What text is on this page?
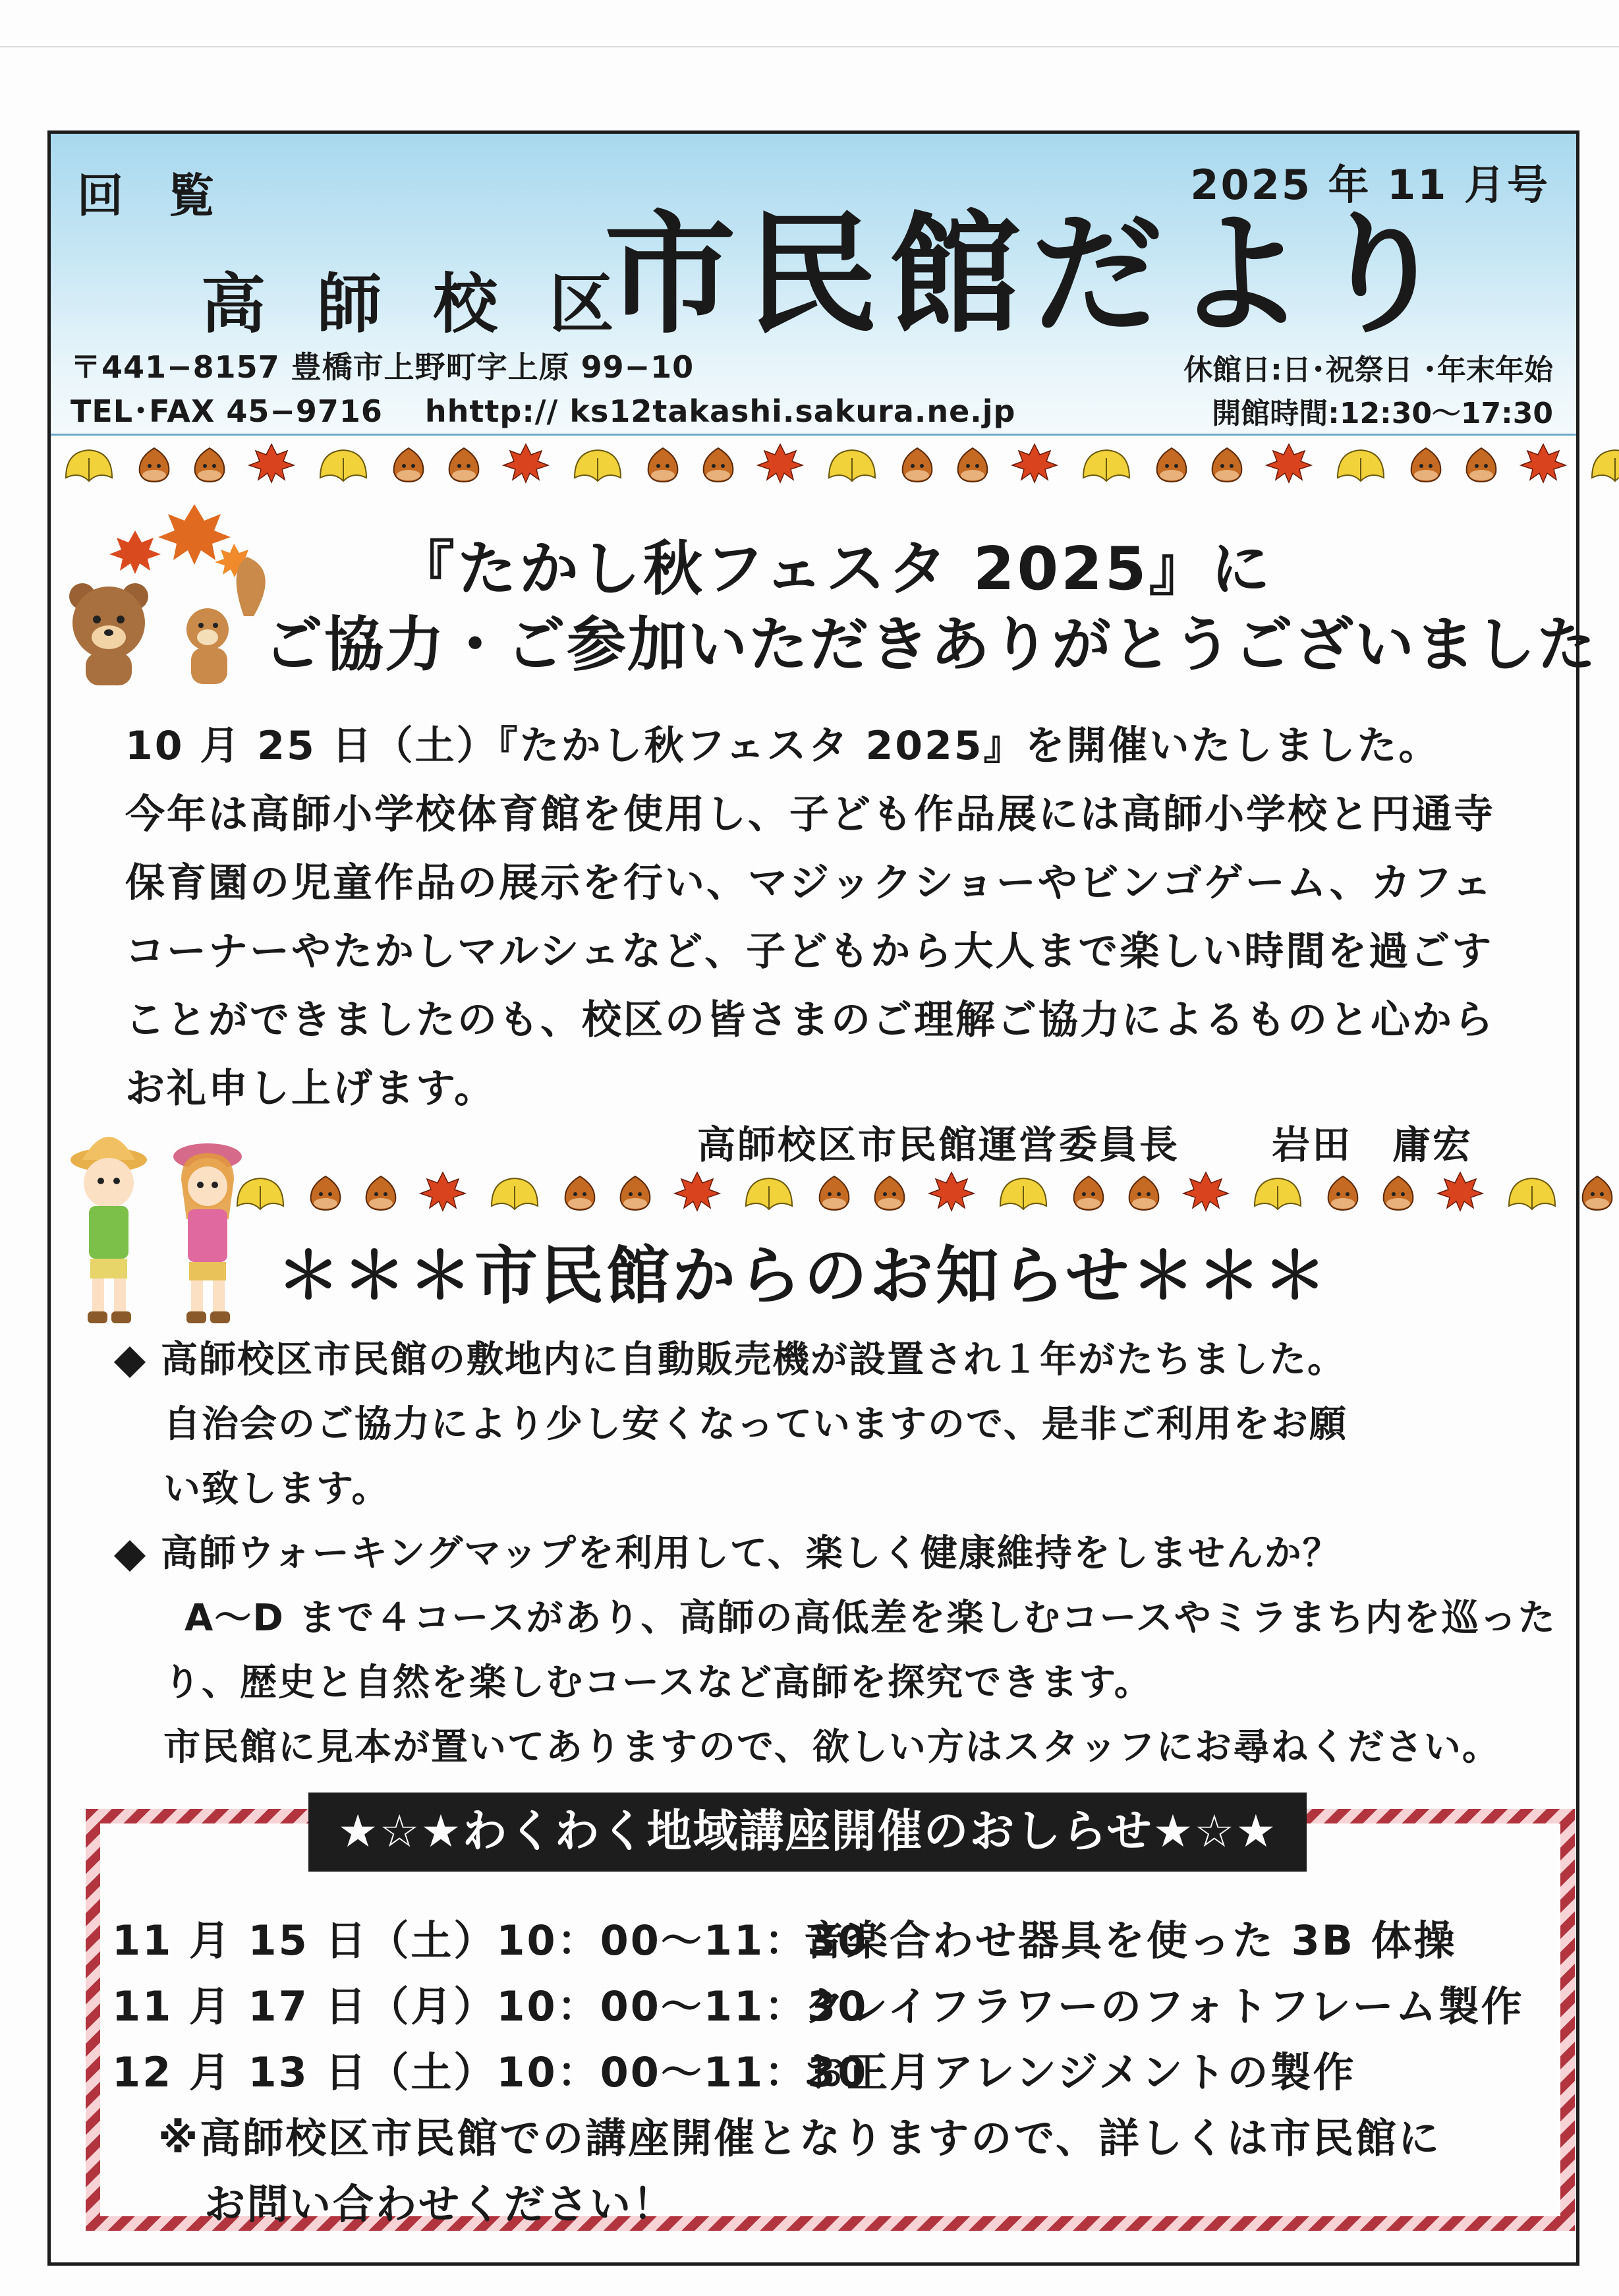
回 覧	2025 年 11 月号
高 師 校 区
市民館だより
〒441−8157 豊橋市上野町字上原 99−10
TEL･FAX 45−9716　 hhttp:// ks12takashi.sakura.ne.jp
休館日:日･祝祭日 ･年末年始
開館時間:12:30〜17:30
『たかし秋フェスタ 2025』に
ご協力・ご参加いただきありがとうございました

10 月 25 日（土）『たかし秋フェスタ 2025』を開催いたしました。

今年は高師小学校体育館を使用し、子ども作品展には高師小学校と円通寺

保育園の児童作品の展示を行い、マジックショーやビンゴゲーム、カフェ

コーナーやたかしマルシェなど、子どもから大人まで楽しい時間を過ごす

ことができましたのも、校区の皆さまのご理解ご協力によるものと心から

お礼申し上げます。

高師校区市民館運営委員長 岩田　庸宏
＊＊＊市民館からのお知らせ＊＊＊

高師校区市民館の敷地内に自動販売機が設置され１年がたちました。

自治会のご協力により少し安くなっていますので、是非ご利用をお願

い致します。

高師ウォーキングマップを利用して、楽しく健康維持をしませんか？

A〜D まで４コースがあり、高師の高低差を楽しむコースやミラまち内を巡った

り、歴史と自然を楽しむコースなど高師を探究できます。

市民館に見本が置いてありますので、欲しい方はスタッフにお尋ねください。

★☆★わくわく地域講座開催のおしらせ★☆★
11 月 15 日（土）10：00〜11：30
音楽合わせ器具を使った 3B 体操
11 月 17 日（月）10：00〜11：30
クレイフラワーのフォトフレーム製作
12 月 13 日（土）10：00〜11：30
お正月アレンジメントの製作

※高師校区市民館での講座開催となりますので、詳しくは市民館に

お問い合わせください！
